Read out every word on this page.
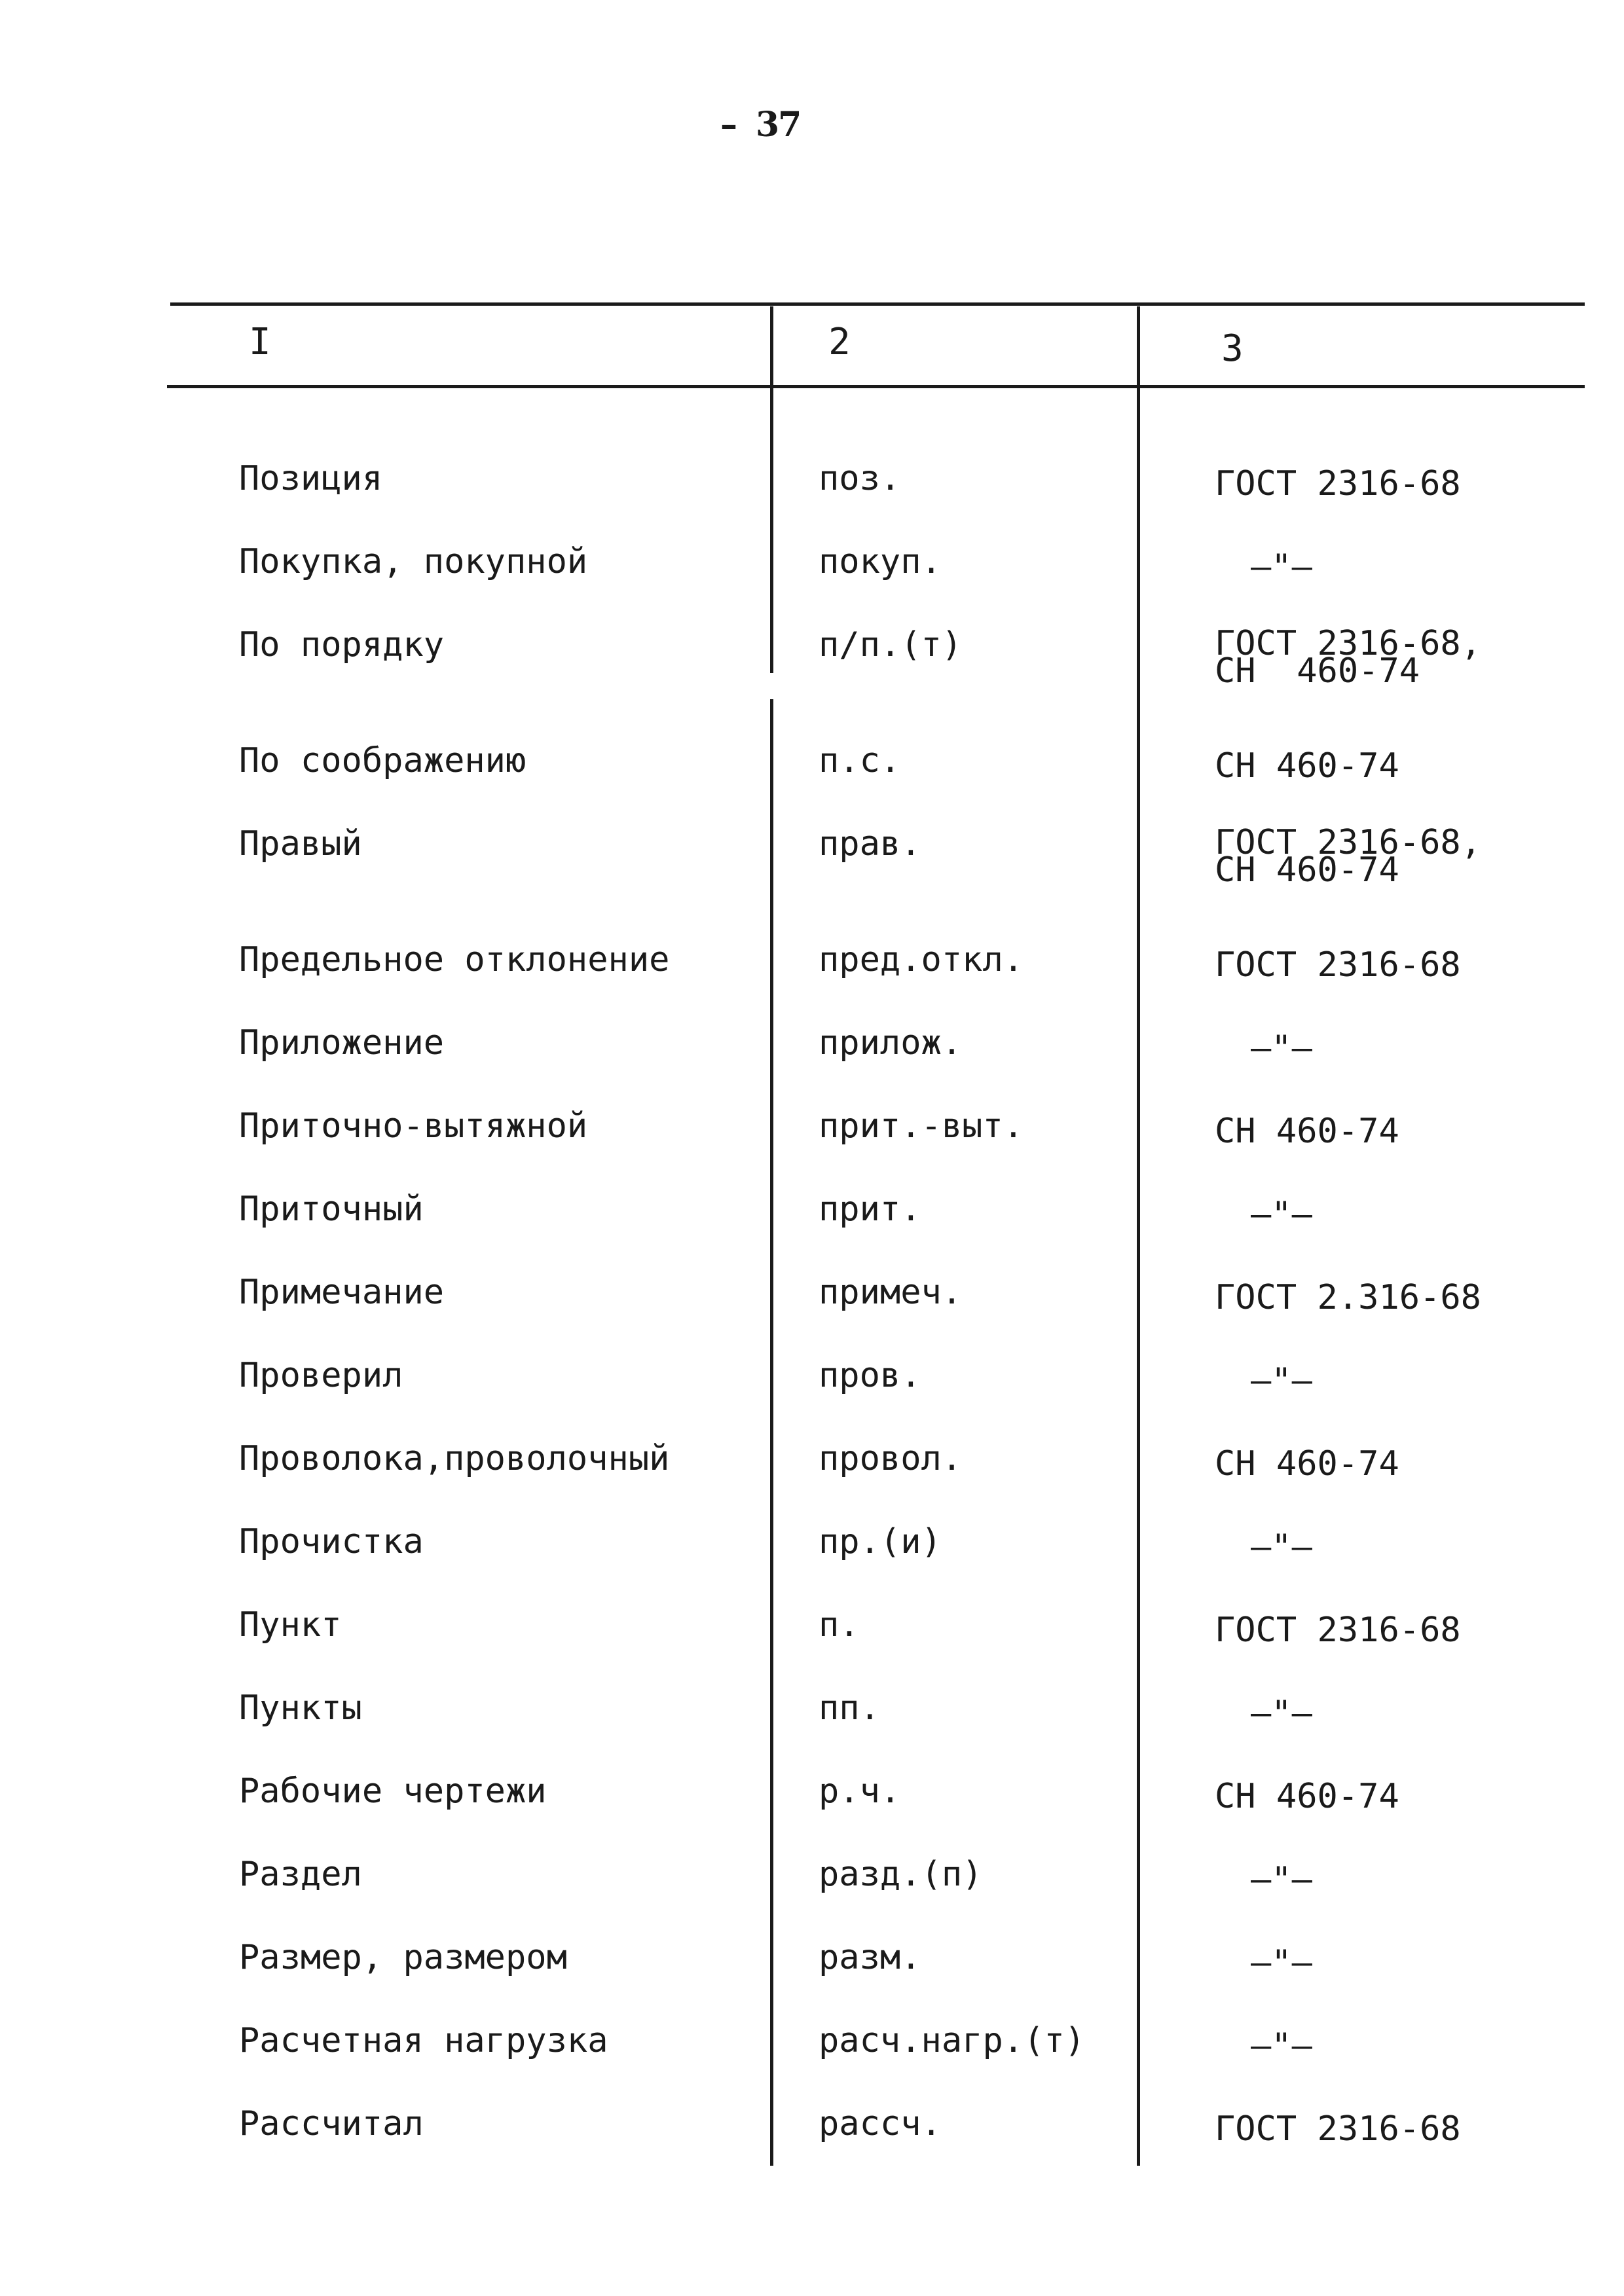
– 37
I	2	3
Позиция	поз.	ГОСТ 2316-68
Покупка, покупной	покуп.	–"–
По порядку	п/п.(т)	ГОСТ 2316-68,
СН  460-74
По соображению	п.с.	СН 460-74
Правый	прав.	ГОСТ 2316-68,
СН 460-74
Предельное отклонение	пред.откл.	ГОСТ 2316-68
Приложение	прилож.	–"–
Приточно-вытяжной	прит.-выт.	СН 460-74
Приточный	прит.	–"–
Примечание	примеч.	ГОСТ 2.316-68
Проверил	пров.	–"–
Проволока,проволочный	провол.	СН 460-74
Прочистка	пр.(и)	–"–
Пункт	п.	ГОСТ 2316-68
Пункты	пп.	–"–
Рабочие чертежи	р.ч.	СН 460-74
Раздел	разд.(п)	–"–
Размер, размером	разм.	–"–
Расчетная нагрузка	расч.нагр.(т)	–"–
Рассчитал	рассч.	ГОСТ 2316-68
